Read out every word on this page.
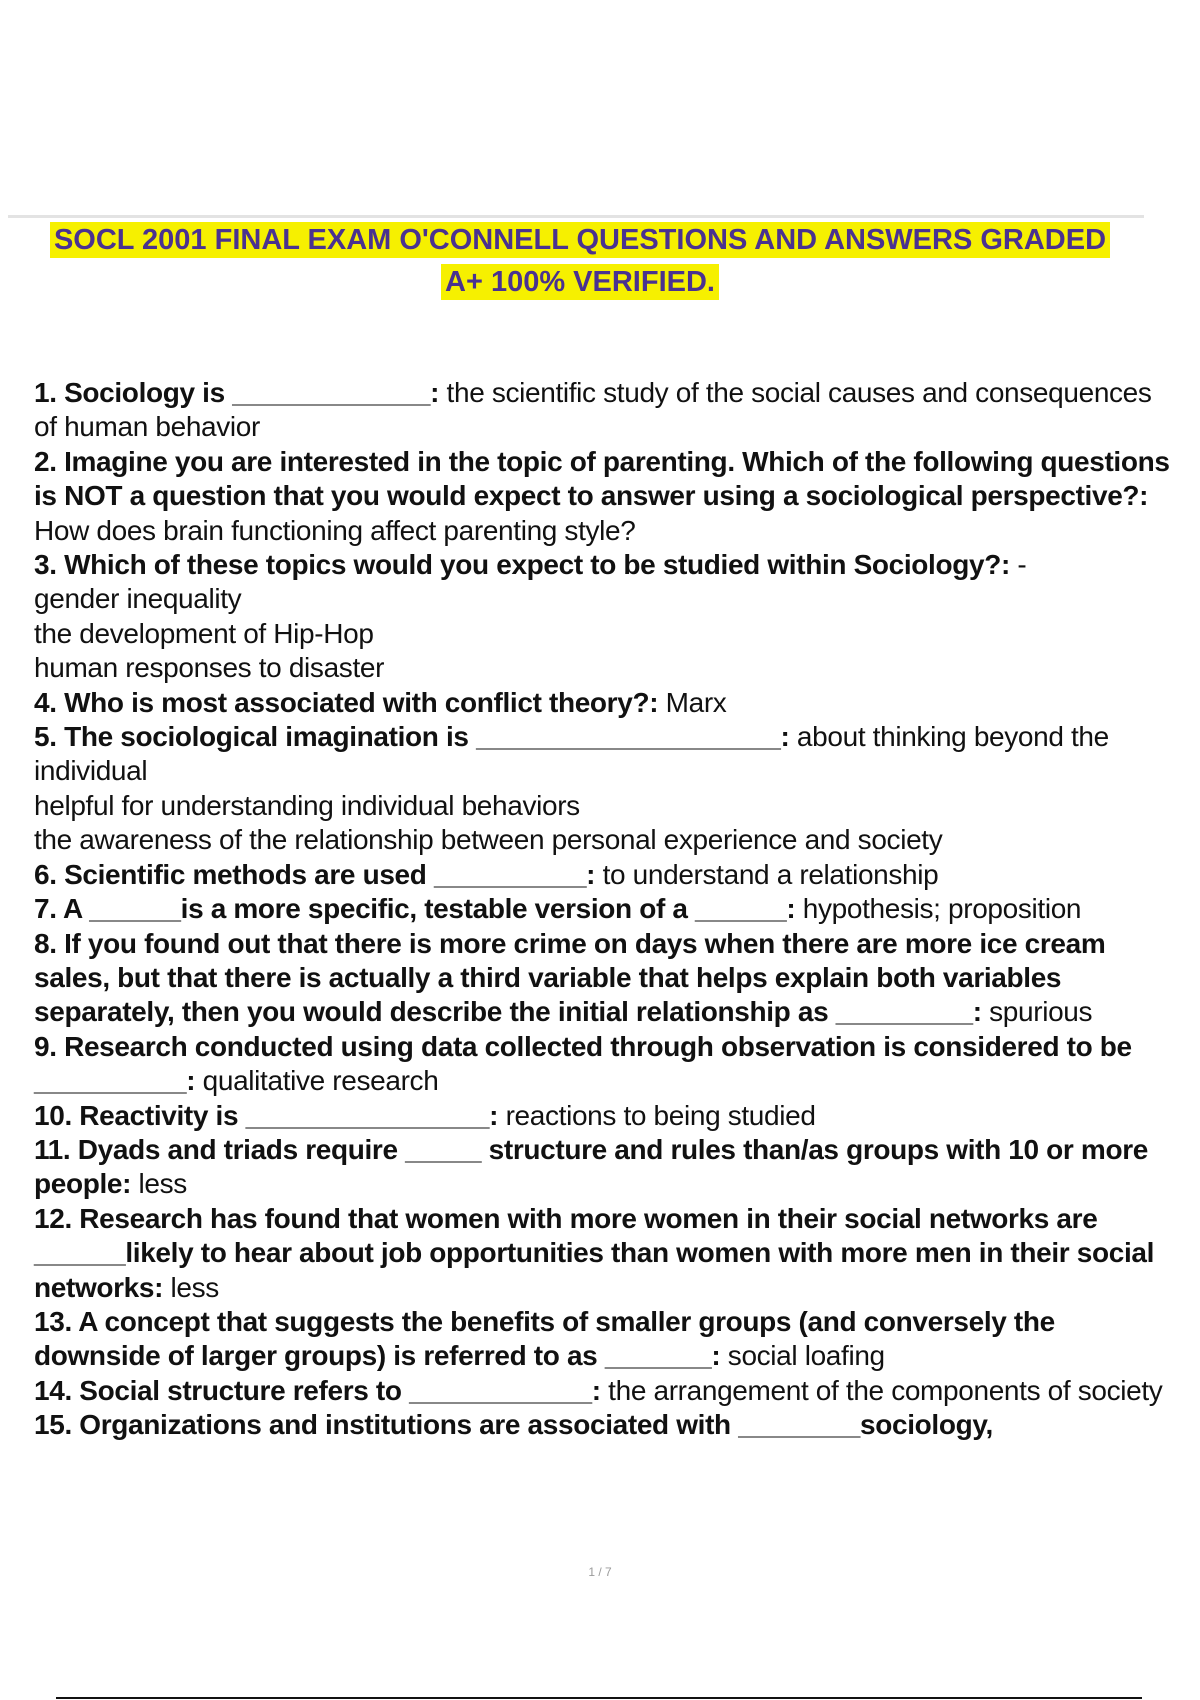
SOCL 2001 FINAL EXAM O'CONNELL QUESTIONS AND ANSWERS GRADED
A+ 100% VERIFIED.

1. Sociology is _____________: the scientific study of the social causes and consequences of human behavior

2. Imagine you are interested in the topic of parenting. Which of the following questions is NOT a question that you would expect to answer using a sociological perspective?: How does brain functioning affect parenting style?

3. Which of these topics would you expect to be studied within Sociology?: -
gender inequality
the development of Hip-Hop
human responses to disaster

4. Who is most associated with conflict theory?: Marx

5. The sociological imagination is ____________________: about thinking beyond the individual
helpful for understanding individual behaviors
the awareness of the relationship between personal experience and society

6. Scientific methods are used __________: to understand a relationship

7. A ______is a more specific, testable version of a ______: hypothesis; proposition

8. If you found out that there is more crime on days when there are more ice cream sales, but that there is actually a third variable that helps explain both variables separately, then you would describe the initial relationship as _________: spurious

9. Research conducted using data collected through observation is considered to be __________: qualitative research

10. Reactivity is ________________: reactions to being studied

11. Dyads and triads require _____ structure and rules than/as groups with 10 or more people: less

12. Research has found that women with more women in their social networks are ______likely to hear about job opportunities than women with more men in their social networks: less

13. A concept that suggests the benefits of smaller groups (and conversely the downside of larger groups) is referred to as _______: social loafing

14. Social structure refers to ____________: the arrangement of the components of society

15. Organizations and institutions are associated with ________sociology,

1 / 7
